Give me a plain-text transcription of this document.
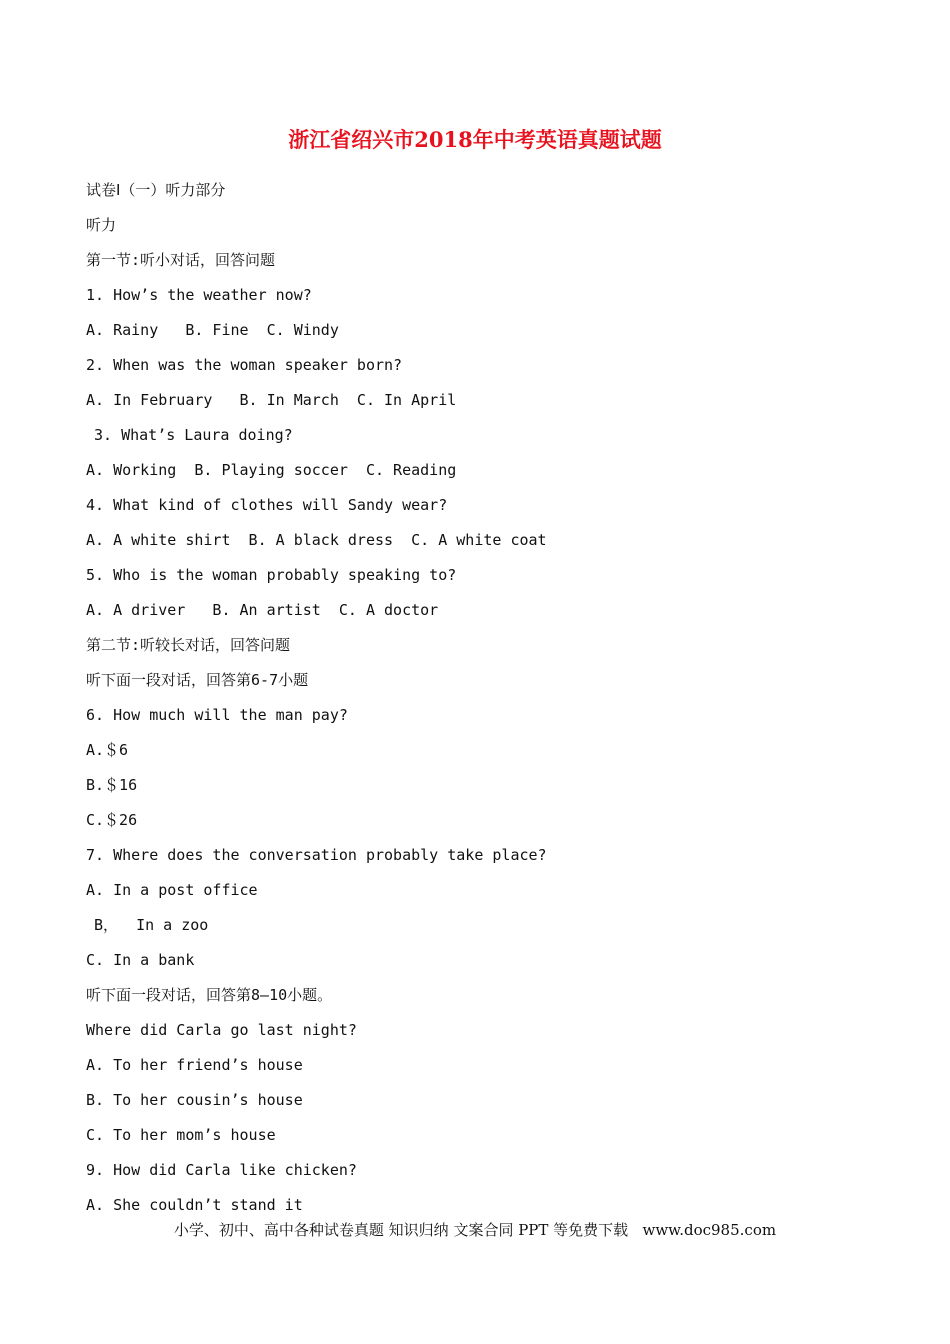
浙江省绍兴市2018年中考英语真题试题
试卷Ⅰ（一）听力部分
听力
第一节:听小对话，回答问题
1. How’s the weather now?
A. Rainy   B. Fine  C. Windy
2. When was the woman speaker born?
A. In February   B. In March  C. In April
3. What’s Laura doing?
A. Working  B. Playing soccer  C. Reading
4. What kind of clothes will Sandy wear?
A. A white shirt  B. A black dress  C. A white coat
5. Who is the woman probably speaking to?
A. A driver   B. An artist  C. A doctor
第二节:听较长对话，回答问题
听下面一段对话，回答第6-7小题
6. How much will the man pay?
A.＄6
B.＄16
C.＄26
7. Where does the conversation probably take place?
A. In a post office
B，  In a zoo
C. In a bank
听下面一段对话，回答第8—10小题。
Where did Carla go last night?
A. To her friend’s house
B. To her cousin’s house
C. To her mom’s house
9. How did Carla like chicken?
A. She couldn’t stand it
小学、初中、高中各种试卷真题 知识归纳 文案合同 PPT 等免费下载   www.doc985.com
